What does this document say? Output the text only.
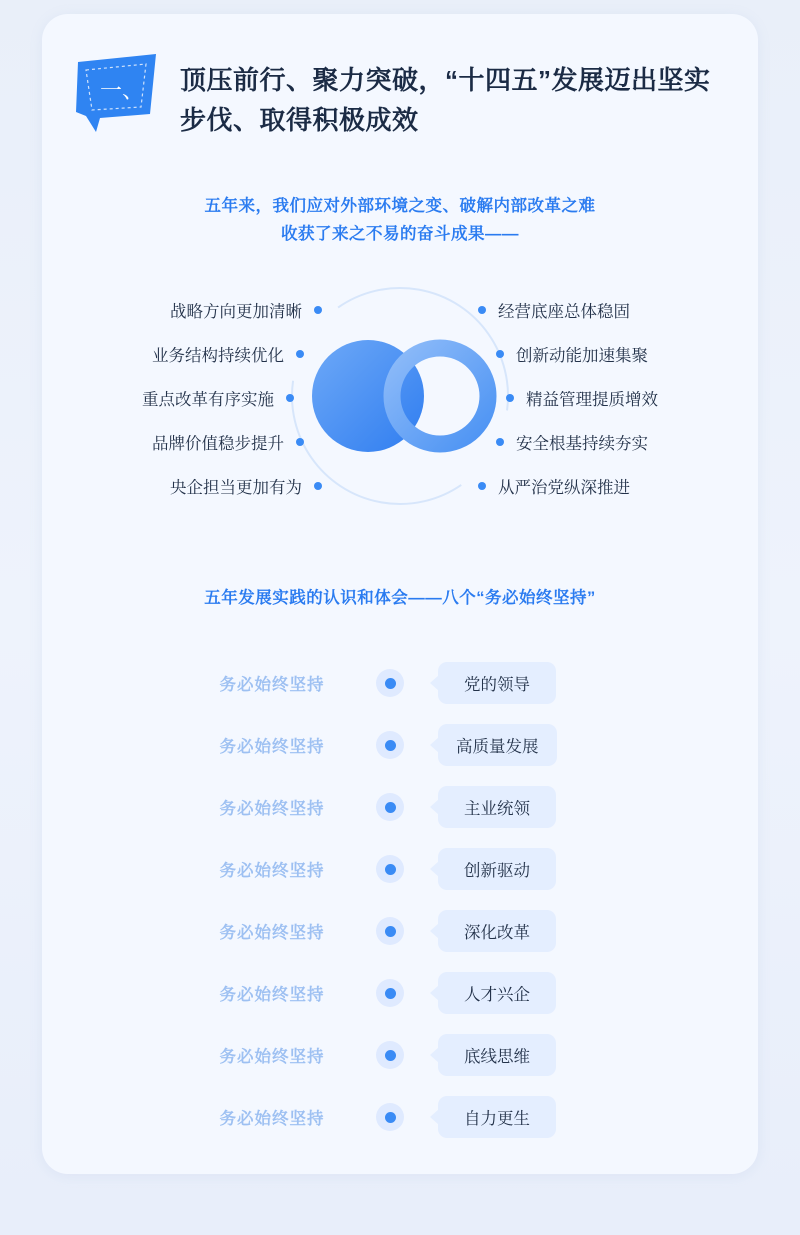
一、 顶压前行、聚力突破，“十四五”发展迈出坚实步伐、取得积极成效
五年来，我们应对外部环境之变、破解内部改革之难
收获了来之不易的奋斗成果——
战略方向更加清晰
业务结构持续优化
重点改革有序实施
品牌价值稳步提升
央企担当更加有为
经营底座总体稳固
创新动能加速集聚
精益管理提质增效
安全根基持续夯实
从严治党纵深推进
五年发展实践的认识和体会——八个“务必始终坚持”
务必始终坚持	党的领导
务必始终坚持	高质量发展
务必始终坚持	主业统领
务必始终坚持	创新驱动
务必始终坚持	深化改革
务必始终坚持	人才兴企
务必始终坚持	底线思维
务必始终坚持	自力更生
